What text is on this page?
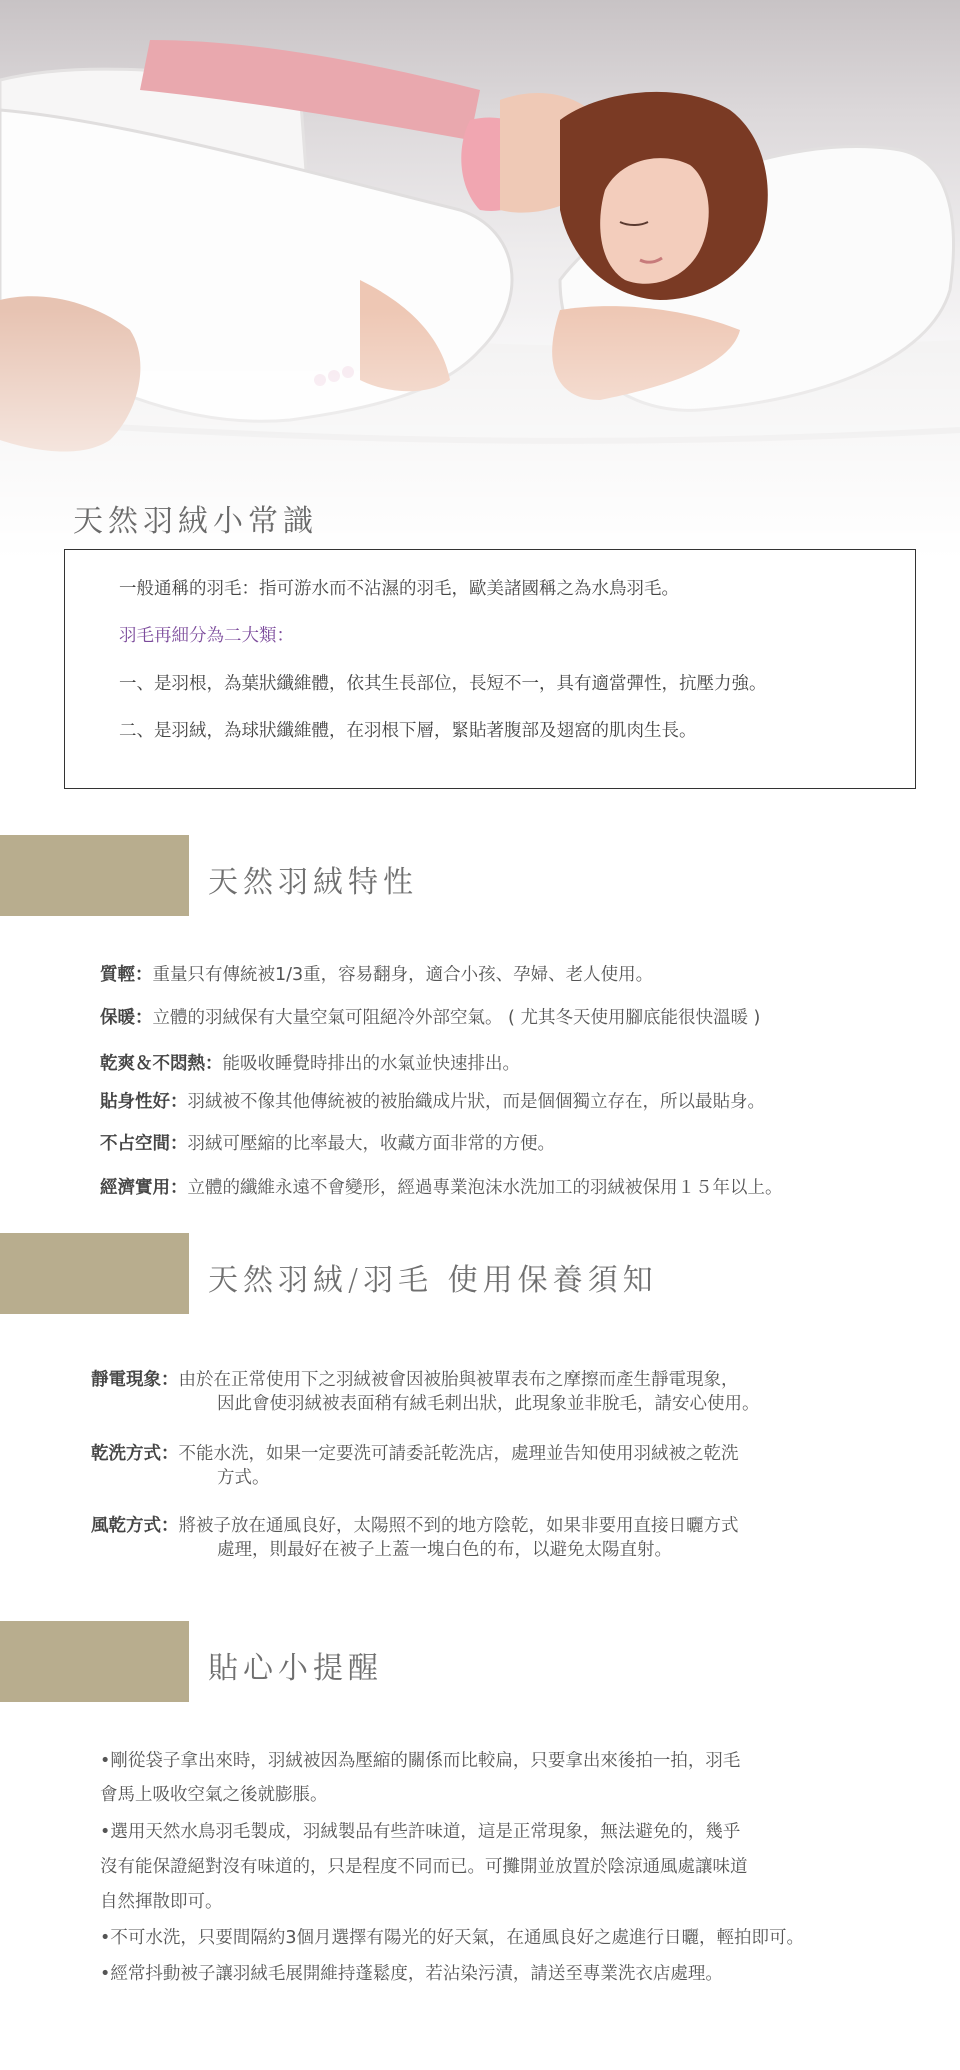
天然羽絨小常識
一般通稱的羽毛：指可游水而不沾濕的羽毛，歐美諸國稱之為水鳥羽毛。
羽毛再細分為二大類：
一、是羽根，為葉狀纖維體，依其生長部位，長短不一，具有適當彈性，抗壓力強。
二、是羽絨，為球狀纖維體，在羽根下層，緊貼著腹部及翅窩的肌肉生長。
天然羽絨特性
質輕：重量只有傳統被1/3重，容易翻身，適合小孩、孕婦、老人使用。
保暖：立體的羽絨保有大量空氣可阻絕冷外部空氣。 ( 尤其冬天使用腳底能很快溫暖 )
乾爽＆不悶熱：能吸收睡覺時排出的水氣並快速排出。
貼身性好：羽絨被不像其他傳統被的被胎織成片狀，而是個個獨立存在，所以最貼身。
不占空間：羽絨可壓縮的比率最大，收藏方面非常的方便。
經濟實用：立體的纖維永遠不會變形，經過專業泡沫水洗加工的羽絨被保用１５年以上。
天然羽絨/羽毛 使用保養須知
靜電現象：由於在正常使用下之羽絨被會因被胎與被單表布之摩擦而產生靜電現象，
因此會使羽絨被表面稍有絨毛刺出狀，此現象並非脫毛，請安心使用。
乾洗方式：不能水洗，如果一定要洗可請委託乾洗店，處理並告知使用羽絨被之乾洗
方式。
風乾方式：將被子放在通風良好，太陽照不到的地方陰乾，如果非要用直接日曬方式
處理，則最好在被子上蓋一塊白色的布，以避免太陽直射。
貼心小提醒
•剛從袋子拿出來時，羽絨被因為壓縮的關係而比較扁，只要拿出來後拍一拍，羽毛
會馬上吸收空氣之後就膨脹。
•選用天然水鳥羽毛製成，羽絨製品有些許味道，這是正常現象，無法避免的，幾乎
沒有能保證絕對沒有味道的，只是程度不同而已。可攤開並放置於陰涼通風處讓味道
自然揮散即可。
•不可水洗，只要間隔約3個月選擇有陽光的好天氣，在通風良好之處進行日曬，輕拍即可。
•經常抖動被子讓羽絨毛展開維持蓬鬆度，若沾染污漬，請送至專業洗衣店處理。
